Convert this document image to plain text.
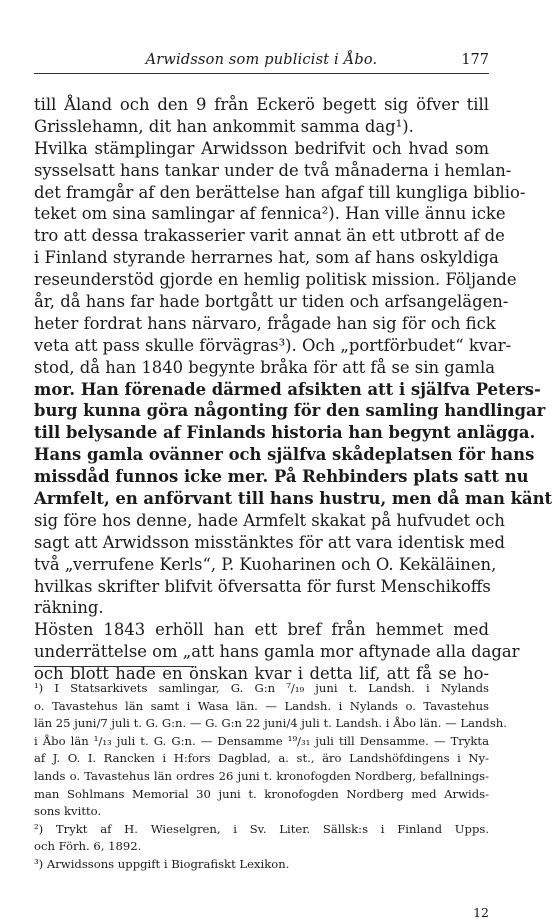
Arwidsson som publicist i Åbo.	177
till Åland och den 9 från Eckerö begett sig öfver till
Grisslehamn, dit han ankommit samma dag¹).
Hvilka stämplingar Arwidsson bedrifvit och hvad som
sysselsatt hans tankar under de två månaderna i hemlan-
det framgår af den berättelse han afgaf till kungliga biblio-
teket om sina samlingar af fennica²). Han ville ännu icke
tro att dessa trakasserier varit annat än ett utbrott af de
i Finland styrande herrarnes hat, som af hans oskyldiga
reseunderstöd gjorde en hemlig politisk mission. Följande
år, då hans far hade bortgått ur tiden och arfsangelägen-
heter fordrat hans närvaro, frågade han sig för och fick
veta att pass skulle förvägras³). Och „portförbudet“ kvar-
stod, då han 1840 begynte bråka för att få se sin gamla
mor. Han förenade därmed afsikten att i själfva Peters-
burg kunna göra någonting för den samling handlingar
till belysande af Finlands historia han begynt anlägga.
Hans gamla ovänner och själfva skådeplatsen för hans
missdåd funnos icke mer. På Rehbinders plats satt nu
Armfelt, en anförvant till hans hustru, men då man känt
sig före hos denne, hade Armfelt skakat på hufvudet och
sagt att Arwidsson misstänktes för att vara identisk med
två „verrufene Kerls“, P. Kuoharinen och O. Kekäläinen,
hvilkas skrifter blifvit öfversatta för furst Menschikoffs
räkning.
Hösten 1843 erhöll han ett bref från hemmet med
underrättelse om „att hans gamla mor aftynade alla dagar
och blott hade en önskan kvar i detta lif, att få se ho-
¹) I Statsarkivets samlingar, G. G:n ⁷/₁₉ juni t. Landsh. i Nylands
o. Tavastehus län samt i Wasa län. — Landsh. i Nylands o. Tavastehus
län 25 juni/7 juli t. G. G:n. — G. G:n 22 juni/4 juli t. Landsh. i Åbo län. — Landsh.
i Åbo län ¹/₁₃ juli t. G. G:n. — Densamme ¹⁹/₃₁ juli till Densamme. — Trykta
af J. O. I. Rancken i H:fors Dagblad, a. st., äro Landshöfdingens i Ny-
lands o. Tavastehus län ordres 26 juni t. kronofogden Nordberg, befallnings-
man Sohlmans Memorial 30 juni t. kronofogden Nordberg med Arwids-
sons kvitto.
²) Trykt af H. Wieselgren, i Sv. Liter. Sällsk:s i Finland Upps.
och Förh. 6, 1892.
³) Arwidssons uppgift i Biografiskt Lexikon.
12
